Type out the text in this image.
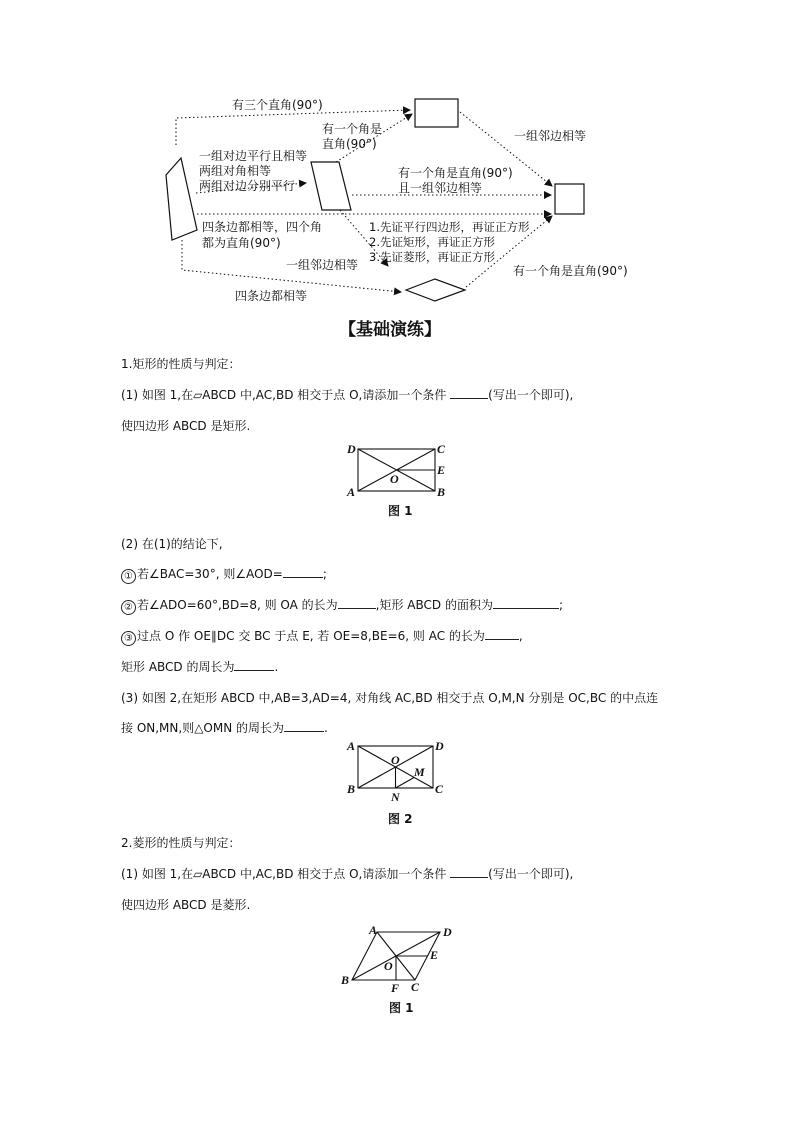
有三个直角(90°)
有一个角是
直角(90°)
一组邻边相等
一组对边平行且相等
两组对角相等
两组对边分别平行
有一个角是直角(90°)
且一组邻边相等
四条边都相等，四个角
都为直角(90°)
1.先证平行四边形，再证正方形
2.先证矩形，再证正方形
3.先证菱形，再证正方形
一组邻边相等	有一个角是直角(90°)
四条边都相等
【基础演练】
1.矩形的性质与判定：
(1) 如图 1,在▱ABCD 中,AC,BD 相交于点 O,请添加一个条件	(写出一个即可),
使四边形 ABCD 是矩形.
D	C
E
O
A	B
图 1
(2) 在(1)的结论下,
① 若∠BAC=30°, 则∠AOD=	;
② 若∠ADO=60°,BD=8, 则 OA 的长为	,矩形 ABCD 的面积为	;
③ 过点 O 作 OE∥DC 交 BC 于点 E, 若 OE=8,BE=6, 则 AC 的长为	,
矩形 ABCD 的周长为	.
(3) 如图 2,在矩形 ABCD 中,AB=3,AD=4, 对角线 AC,BD 相交于点 O,M,N 分别是 OC,BC 的中点连
接 ON,MN,则△OMN 的周长为	.
A	D
O
M
B
N
C
图 2
2.菱形的性质与判定：
(1) 如图 1,在▱ABCD 中,AC,BD 相交于点 O,请添加一个条件	(写出一个即可),
使四边形 ABCD 是菱形.
A	D
E
O
B
F C
图 1
